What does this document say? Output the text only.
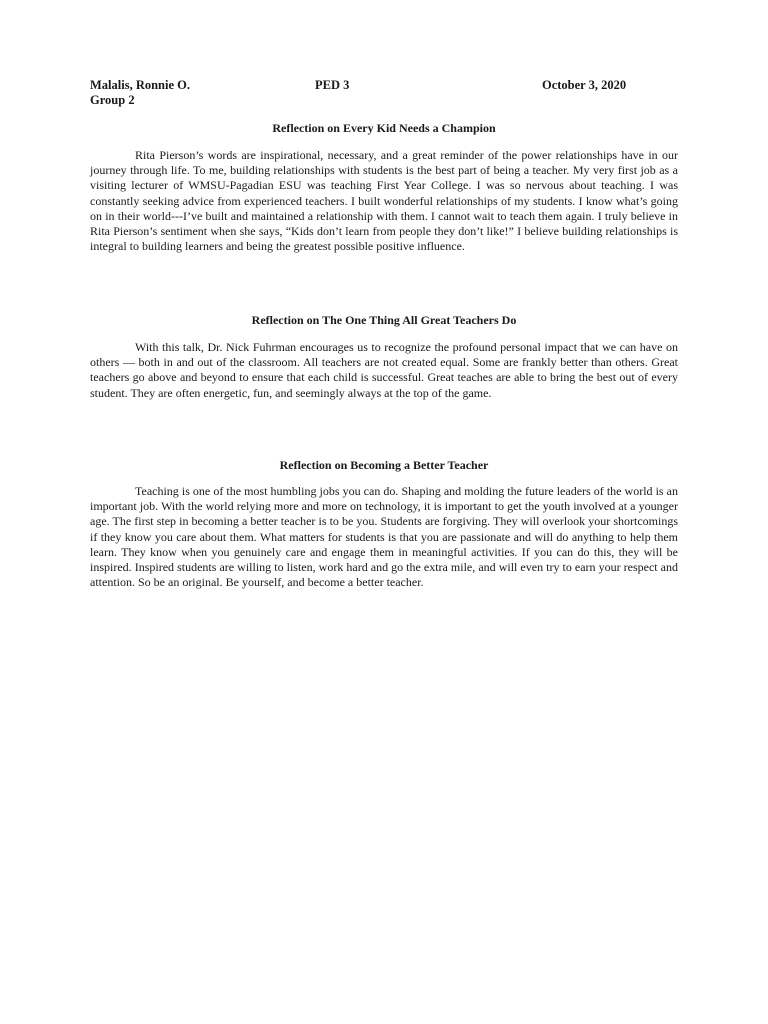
Malalis, Ronnie O.	PED 3	October 3, 2020
Group 2
Reflection on Every Kid Needs a Champion

Rita Pierson’s words are inspirational, necessary, and a great reminder of the power relationships have in our journey through life. To me, building relationships with students is the best part of being a teacher. My very first job as a visiting lecturer of WMSU-Pagadian ESU was teaching First Year College. I was so nervous about teaching. I was constantly seeking advice from experienced teachers. I built wonderful relationships of my students. I know what’s going on in their world---I’ve built and maintained a relationship with them. I cannot wait to teach them again. I truly believe in Rita Pierson’s sentiment when she says, “Kids don’t learn from people they don’t like!” I believe building relationships is integral to building learners and being the greatest possible positive influence.

Reflection on The One Thing All Great Teachers Do

With this talk, Dr. Nick Fuhrman encourages us to recognize the profound personal impact that we can have on others — both in and out of the classroom. All teachers are not created equal. Some are frankly better than others. Great teachers go above and beyond to ensure that each child is successful. Great teaches are able to bring the best out of every student. They are often energetic, fun, and seemingly always at the top of the game.

Reflection on Becoming a Better Teacher

Teaching is one of the most humbling jobs you can do. Shaping and molding the future leaders of the world is an important job. With the world relying more and more on technology, it is important to get the youth involved at a younger age. The first step in becoming a better teacher is to be you. Students are forgiving. They will overlook your shortcomings if they know you care about them. What matters for students is that you are passionate and will do anything to help them learn. They know when you genuinely care and engage them in meaningful activities. If you can do this, they will be inspired. Inspired students are willing to listen, work hard and go the extra mile, and will even try to earn your respect and attention. So be an original. Be yourself, and become a better teacher.
